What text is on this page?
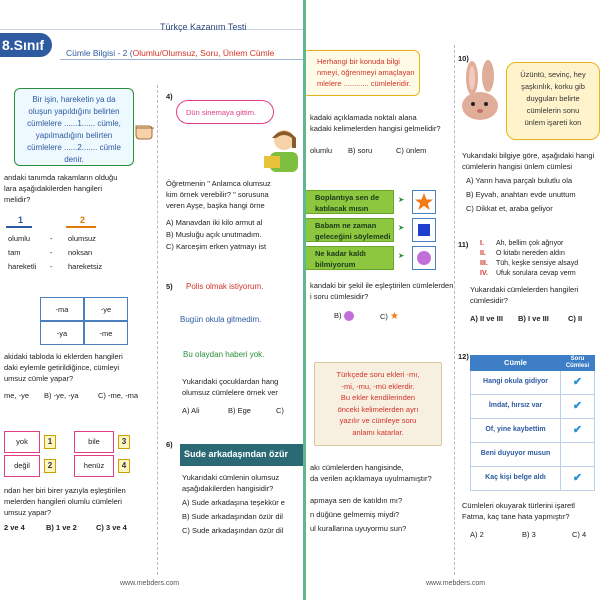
Türkçe Kazanım Testi
8.Sınıf	Cümle Bilgisi - 2 (Olumlu/Olumsuz, Soru, Ünlem Cümle
Bir işin, hareketin ya da
oluşun yapıldığını belirten
cümlelere ......1...... cümle,
yapılmadığını belirten
cümlelere ......2....... cümle
denir.
andaki tanımda rakamların olduğu
lara aşağıdakilerden hangileri
melidir?
1	2
olumlu	- olumsuz
tam	- noksan
hareketli - hareketsiz
-ma	-ye
-ya	-me
akidaki tabloda ki eklerden hangileri
daki eylemle getirildiğince, cümleyi
umsuz cümle yapar?
me, -ye B) -ye, -ya	C) -me, -ma
yok	1	bile	3
değil	2	henüz	4
ndan her biri birer yazıyla eşleştirilen
melerden hangileri olumlu cümleleri
umsuz yapar?
2 ve 4	B) 1 ve 2	C) 3 ve 4
4)
Dün sinemaya gittim.
Öğretmenin " Anlamca olumsuz
kim örnek verebilir? " sorusuna
veren Ayşe, başka hangi örne
A) Manavdan iki kilo armut al
B) Musluğu açık unutmadım.
C) Karceşim erken yatmayı ist
5) Polis olmak istiyorum.
Bugün okula gitmedim.
Bu olaydan haberi yok.
Yukarıdaki çocuklardan hang
olumsuz cümlelere örnek ver
A) Ali	B) Ege	C)
6)
Sude arkadaşından özür
Yukarıdaki cümlenin olumsuz
aşağıdakilerden hangisidir?
A) Sude arkadaşına teşekkür e
B) Sude arkadaşından özür dil
C) Sude arkadaşından özür dil
www.mebders.com
Herhangi bir konuda bilgi
nmeyi, öğrenmeyi amaçlayan
mlelere ............ cümleleridir.
kadaki açıklamada noktalı alana
kadaki kelimelerden hangisi gelmelidir?
olumlu B) soru	C) ünlem
Boplantıya sen de katılacak mısın
Babam ne zaman geleceğini söylemedi
Ne kadar kaldı bilmiyorum
➤
➤
➤
kandaki bir şekil ile eşleştirilen cümlelerden
i soru cümlesidir?
B)	C) ★
Türkçede soru ekleri -mı,
-mi, -mu, -mü eklerdir.
Bu ekler kendilerinden
önceki kelimelerden ayrı
yazılır ve cümleye soru
anlamı katarlar.
akı cümlelerden hangisinde,
da verilen açıklamaya uyulmamıştır?
apmaya sen de katıldın mı?
n düğüne gelmemiş miydi?
ul kurallarına uyuyormu sun?
10)
Üzüntü, sevinç, hey
şaşkınlık, korku gib
duyguları belirte
cümlelerin sonu
ünlem işareti kon
Yukarıdaki bilgiye göre, aşağıdaki hangi
cümlelerin hangisi ünlem cümlesi
A) Yarın hava parçalı bulutlu ola
B) Eyvah, anahtarı evde unuttum
C) Dikkat et, araba geliyor
11) I. Ah, bellim çok ağrıyor
II. O kitabı nereden aldın
III. Tüh, keşke sensiye alsayd
IV. Ufuk sorulara cevap verm
Yukarıdaki cümlelerden hangileri
cümlesidir?
A) II ve III B) I ve III	C) II
12)
Cümle	Soru Cümlesi
Hangi okula gidiyor	✔
İmdat, hırsız var	✔
Of, yine kaybettim	✔
Beni duyuyor musun	
Kaç kişi belge aldı	✔
Cümleleri okuyarak türlerini işaretl
Fatma, kaç tane hata yapmıştır?
A) 2	B) 3	C) 4
www.mebders.com
